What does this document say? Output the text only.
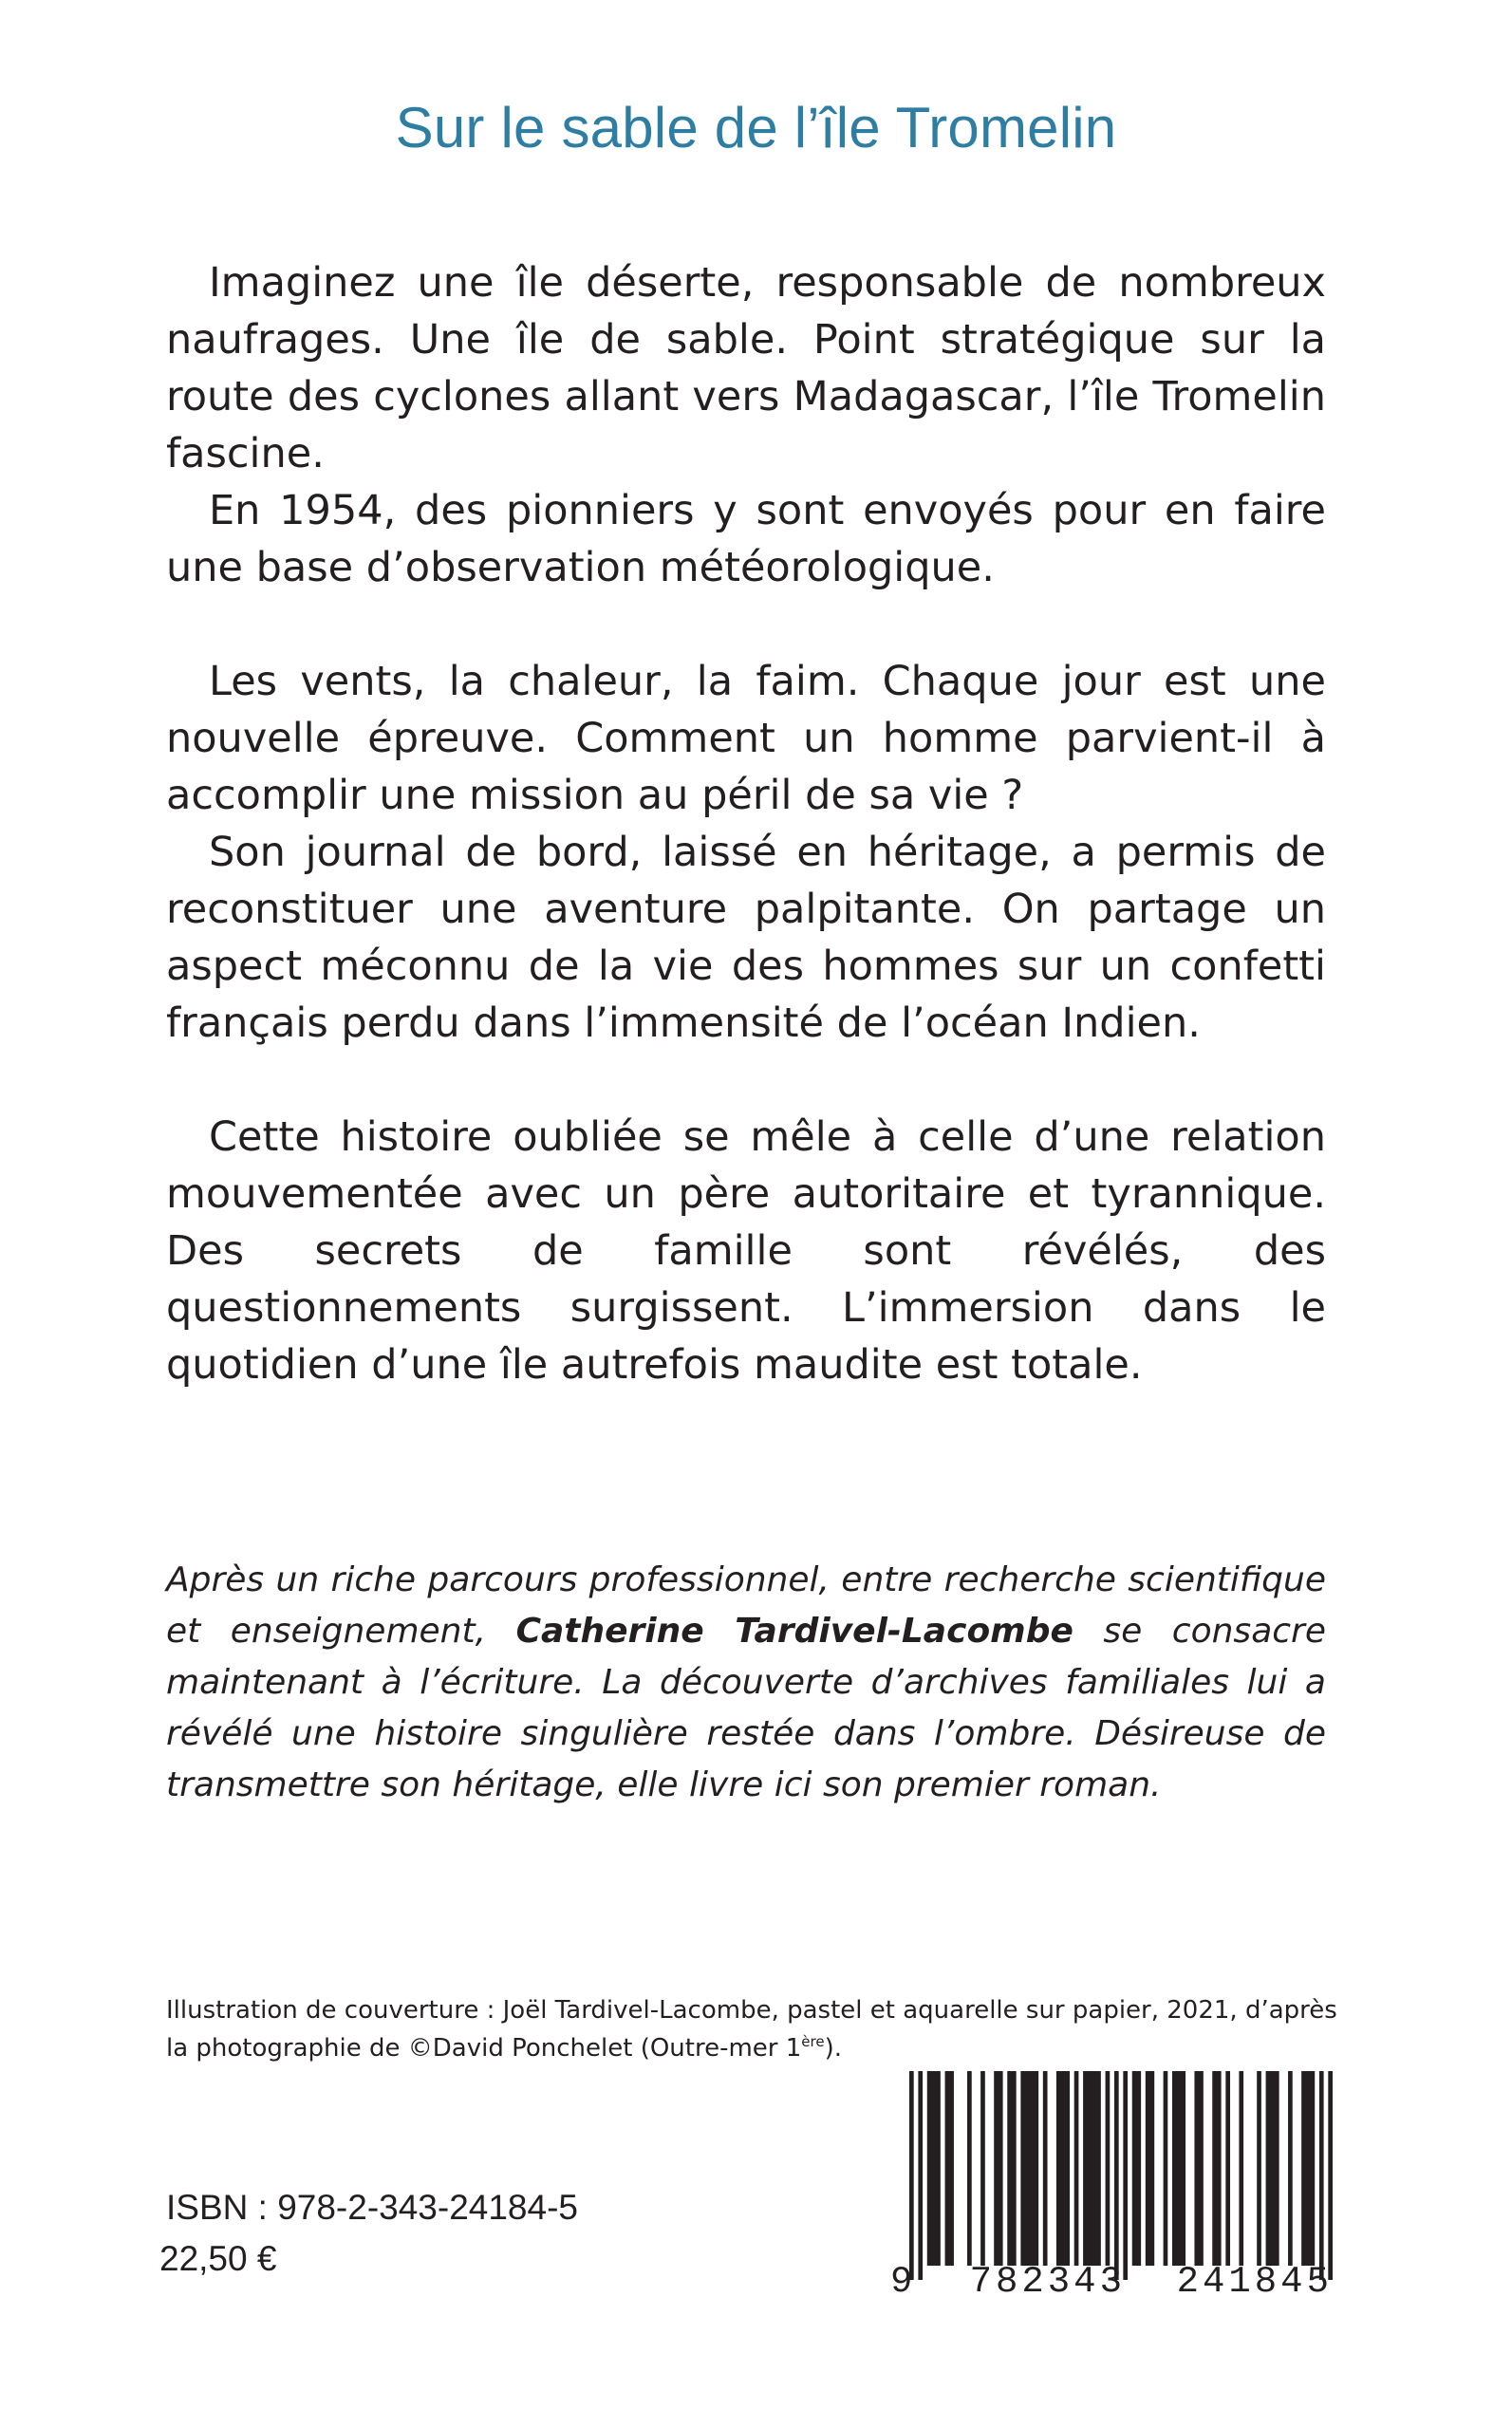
Sur le sable de l’île Tromelin

Imaginez une île déserte, responsable de nombreux naufrages. Une île de sable. Point stratégique sur la route des cyclones allant vers Madagascar, l’île Tromelin fascine.

En 1954, des pionniers y sont envoyés pour en faire une base d’observation météorologique.

Les vents, la chaleur, la faim. Chaque jour est une nouvelle épreuve. Comment un homme parvient-il à accomplir une mission au péril de sa vie ?

Son journal de bord, laissé en héritage, a permis de reconstituer une aventure palpitante. On partage un aspect méconnu de la vie des hommes sur un confetti français perdu dans l’immensité de l’océan Indien.

Cette histoire oubliée se mêle à celle d’une relation mouvementée avec un père autoritaire et tyrannique. Des secrets de famille sont révélés, des questionnements surgissent. L’immersion dans le quotidien d’une île autrefois maudite est totale.

Après un riche parcours professionnel, entre recherche scientifique et enseignement, Catherine Tardivel-Lacombe se consacre maintenant à l’écriture. La découverte d’archives familiales lui a révélé une histoire singulière restée dans l’ombre. Désireuse de transmettre son héritage, elle livre ici son premier roman.

Illustration de couverture : Joël Tardivel-Lacombe, pastel et aquarelle sur papier, 2021, d’après la photographie de ©David Ponchelet (Outre-mer 1ère).

ISBN : 978-2-343-24184-5
22,50 €
9 782343 241845
